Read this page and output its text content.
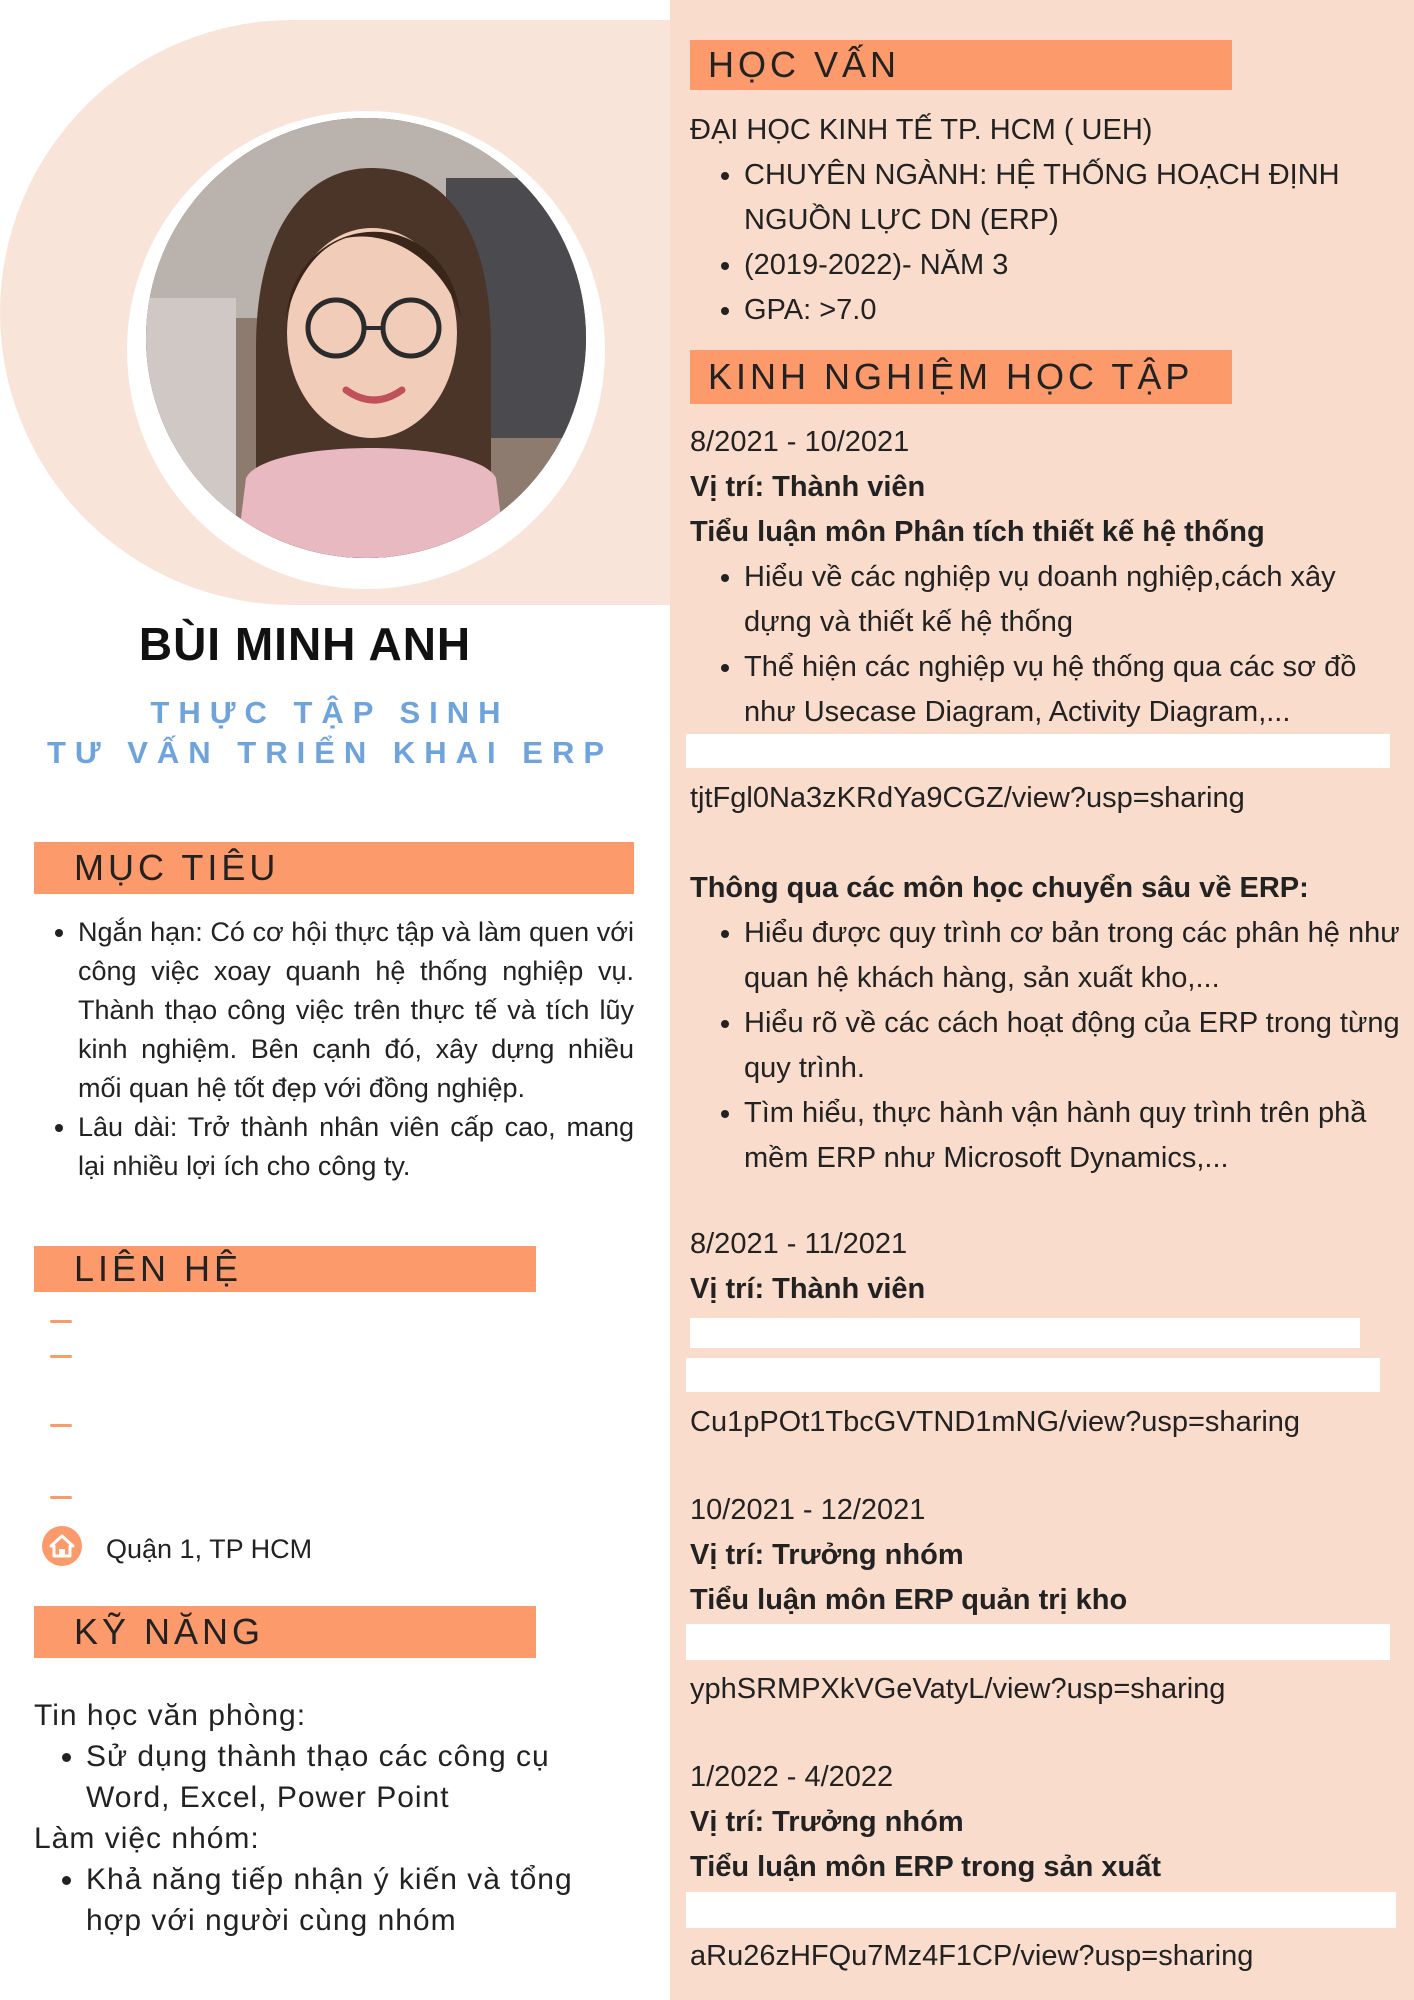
BÙI MINH ANH
THỰC TẬP SINH
TƯ VẤN TRIỂN KHAI ERP
MỤC TIÊU
• Ngắn hạn: Có cơ hội thực tập và làm quen với công việc xoay quanh hệ thống nghiệp vụ. Thành thạo công việc trên thực tế và tích lũy kinh nghiệm. Bên cạnh đó, xây dựng nhiều mối quan hệ tốt đẹp với đồng nghiệp.
• Lâu dài: Trở thành nhân viên cấp cao, mang lại nhiều lợi ích cho công ty.
LIÊN HỆ
Quận 1, TP HCM
KỸ NĂNG
Tin học văn phòng:
• Sử dụng thành thạo các công cụ Word, Excel, Power Point
Làm việc nhóm:
• Khả năng tiếp nhận ý kiến và tổng hợp với người cùng nhóm
HỌC VẤN
ĐẠI HỌC KINH TẾ TP. HCM ( UEH)
• CHUYÊN NGÀNH: HỆ THỐNG HOẠCH ĐỊNH NGUỒN LỰC DN (ERP)
• (2019-2022)- NĂM 3
• GPA: >7.0
KINH NGHIỆM HỌC TẬP
8/2021 - 10/2021
Vị trí: Thành viên
Tiểu luận môn Phân tích thiết kế hệ thống
• Hiểu về các nghiệp vụ doanh nghiệp,cách xây dựng và thiết kế hệ thống
• Thể hiện các nghiệp vụ hệ thống qua các sơ đồ như Usecase Diagram, Activity Diagram,...
tjtFgl0Na3zKRdYa9CGZ/view?usp=sharing
Thông qua các môn học chuyển sâu về ERP:
• Hiểu được quy trình cơ bản trong các phân hệ như quan hệ khách hàng, sản xuất kho,...
• Hiểu rõ về các cách hoạt động của ERP trong từng quy trình.
• Tìm hiểu, thực hành vận hành quy trình trên phầ mềm ERP như Microsoft Dynamics,...
8/2021 - 11/2021
Vị trí: Thành viên
Cu1pPOt1TbcGVTND1mNG/view?usp=sharing
10/2021 - 12/2021
Vị trí: Trưởng nhóm
Tiểu luận môn ERP quản trị kho
yphSRMPXkVGeVatyL/view?usp=sharing
1/2022 - 4/2022
Vị trí: Trưởng nhóm
Tiểu luận môn ERP trong sản xuất
aRu26zHFQu7Mz4F1CP/view?usp=sharing
